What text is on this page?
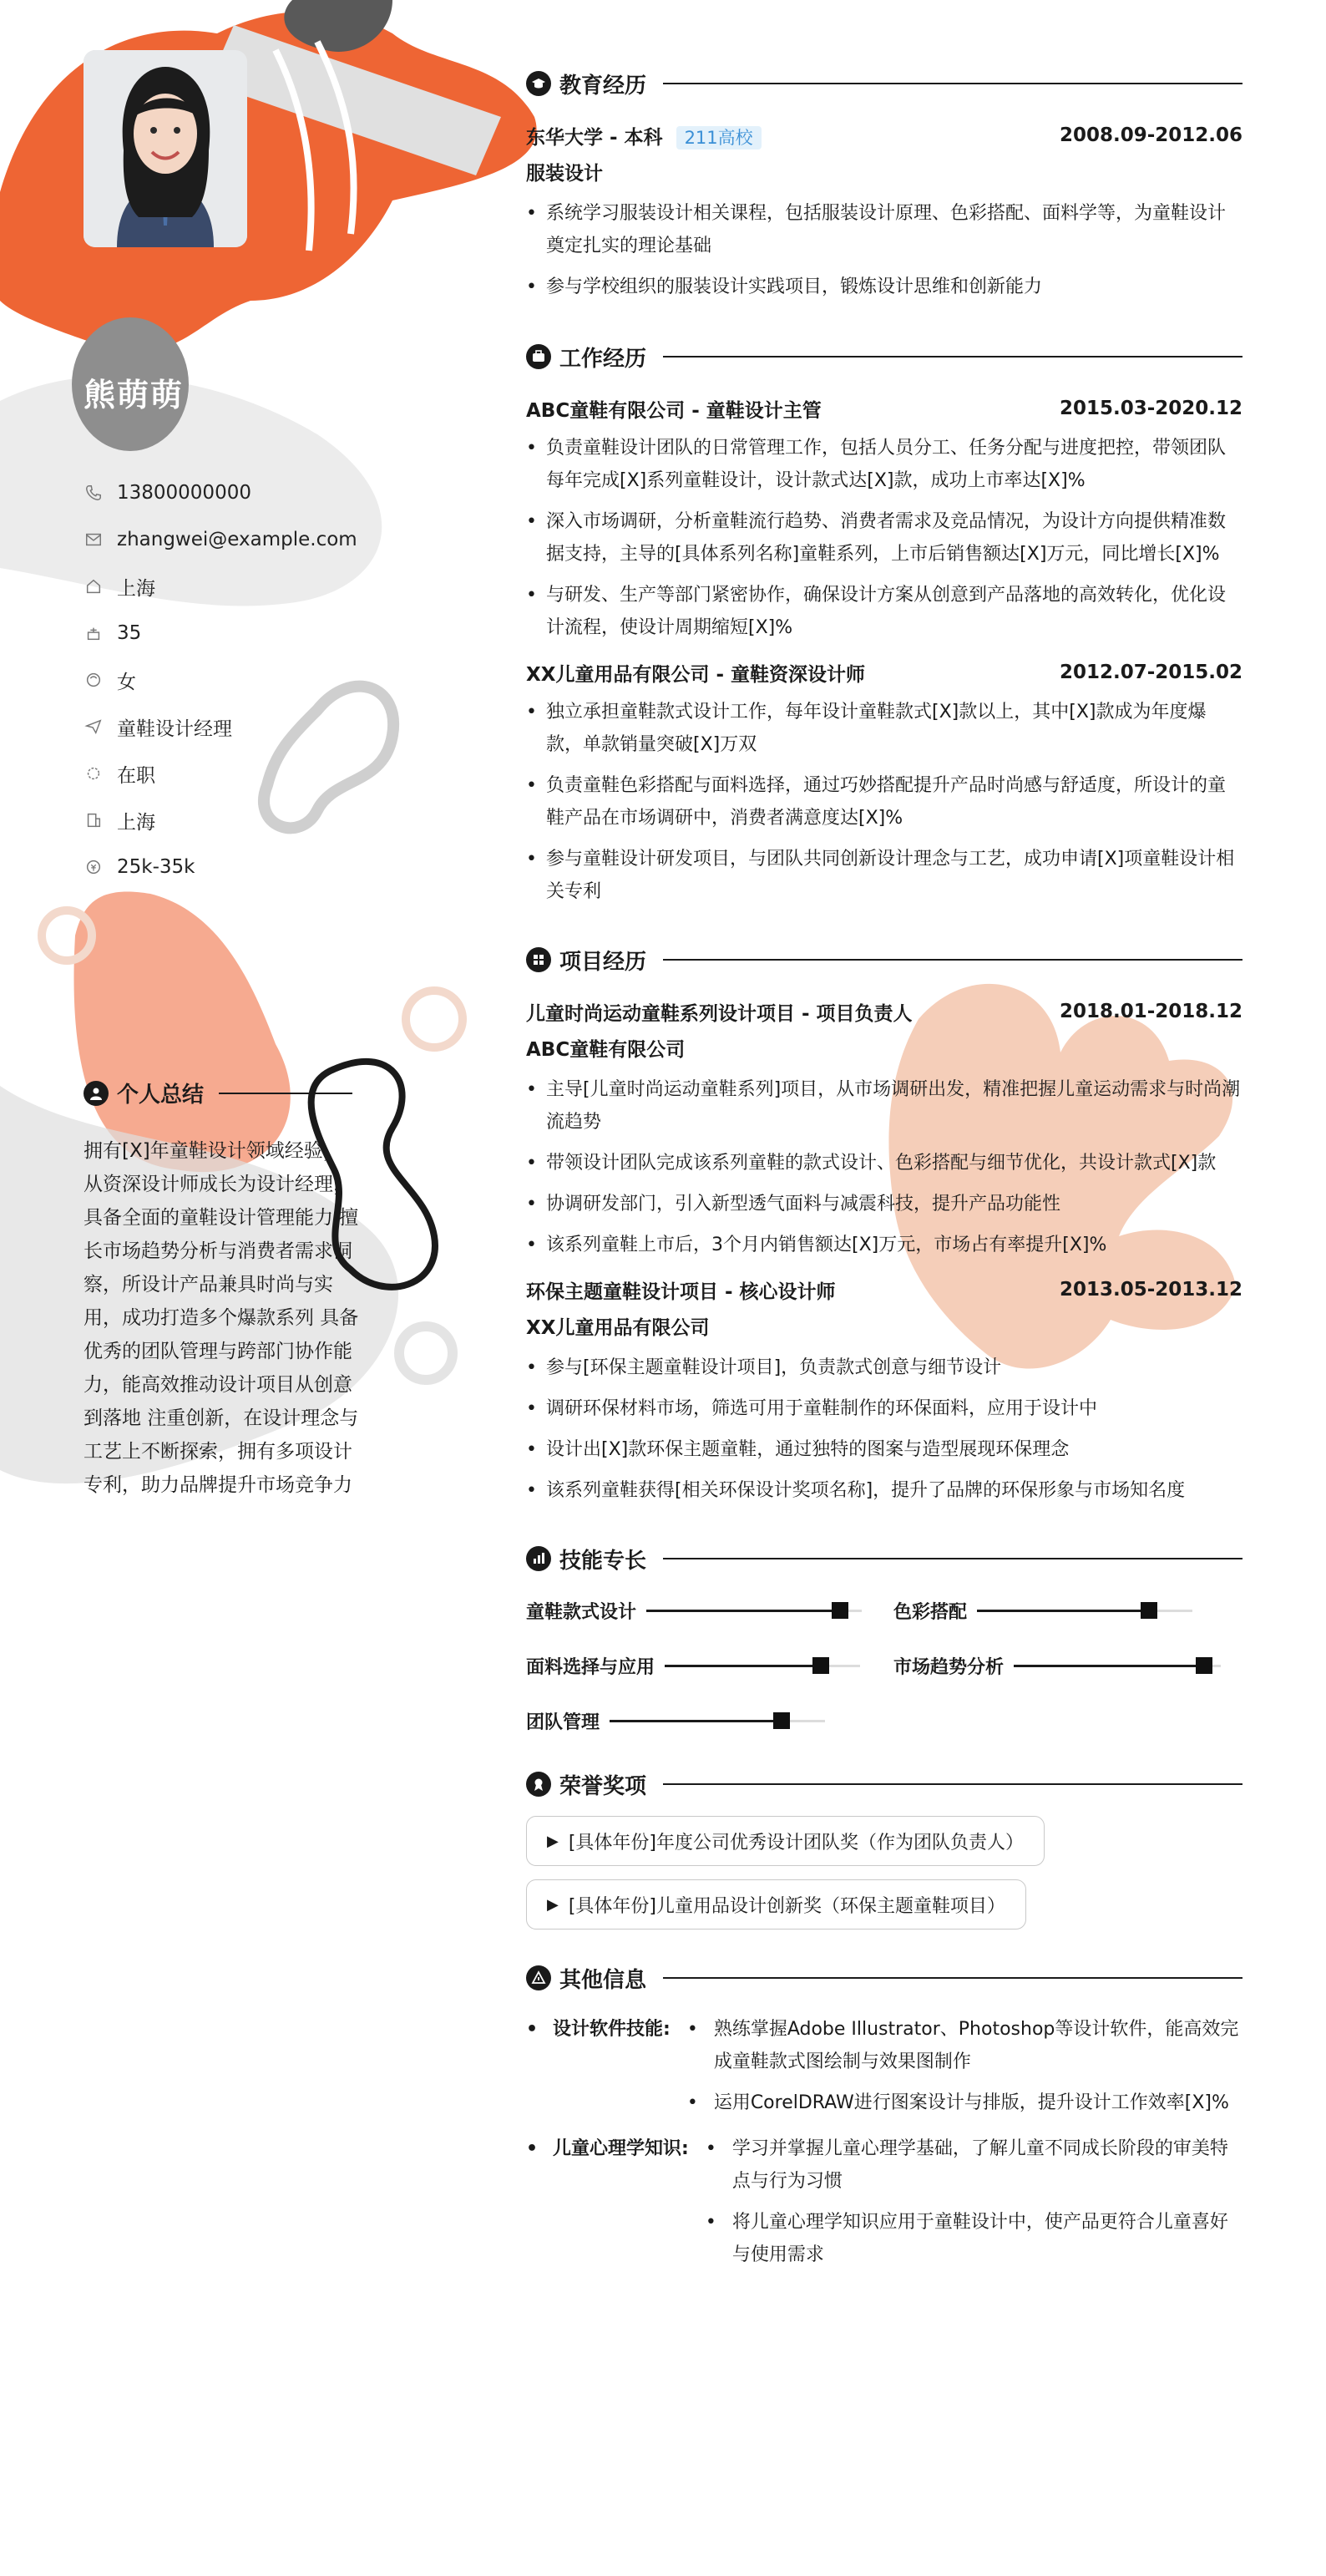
熊萌萌
13800000000
zhangwei@example.com
上海
35
女
童鞋设计经理
在职
上海
25k-35k
个人总结
拥有[X]年童鞋设计领域经验，从资深设计师成长为设计经理，具备全面的童鞋设计管理能力 擅长市场趋势分析与消费者需求洞察，所设计产品兼具时尚与实用，成功打造多个爆款系列 具备优秀的团队管理与跨部门协作能力，能高效推动设计项目从创意到落地 注重创新，在设计理念与工艺上不断探索，拥有多项设计专利，助力品牌提升市场竞争力
教育经历
东华大学 - 本科 211高校	2008.09-2012.06
服装设计
• 系统学习服装设计相关课程，包括服装设计原理、色彩搭配、面料学等，为童鞋设计奠定扎实的理论基础
• 参与学校组织的服装设计实践项目，锻炼设计思维和创新能力
工作经历
ABC童鞋有限公司 - 童鞋设计主管	2015.03-2020.12
• 负责童鞋设计团队的日常管理工作，包括人员分工、任务分配与进度把控，带领团队每年完成[X]系列童鞋设计，设计款式达[X]款，成功上市率达[X]%
• 深入市场调研，分析童鞋流行趋势、消费者需求及竞品情况，为设计方向提供精准数据支持，主导的[具体系列名称]童鞋系列，上市后销售额达[X]万元，同比增长[X]%
• 与研发、生产等部门紧密协作，确保设计方案从创意到产品落地的高效转化，优化设计流程，使设计周期缩短[X]%
XX儿童用品有限公司 - 童鞋资深设计师	2012.07-2015.02
• 独立承担童鞋款式设计工作，每年设计童鞋款式[X]款以上，其中[X]款成为年度爆款，单款销量突破[X]万双
• 负责童鞋色彩搭配与面料选择，通过巧妙搭配提升产品时尚感与舒适度，所设计的童鞋产品在市场调研中，消费者满意度达[X]%
• 参与童鞋设计研发项目，与团队共同创新设计理念与工艺，成功申请[X]项童鞋设计相关专利
项目经历
儿童时尚运动童鞋系列设计项目 - 项目负责人	2018.01-2018.12
ABC童鞋有限公司
• 主导[儿童时尚运动童鞋系列]项目，从市场调研出发，精准把握儿童运动需求与时尚潮流趋势
• 带领设计团队完成该系列童鞋的款式设计、色彩搭配与细节优化，共设计款式[X]款
• 协调研发部门，引入新型透气面料与减震科技，提升产品功能性
• 该系列童鞋上市后，3个月内销售额达[X]万元，市场占有率提升[X]%
环保主题童鞋设计项目 - 核心设计师	2013.05-2013.12
XX儿童用品有限公司
• 参与[环保主题童鞋设计项目]，负责款式创意与细节设计
• 调研环保材料市场，筛选可用于童鞋制作的环保面料，应用于设计中
• 设计出[X]款环保主题童鞋，通过独特的图案与造型展现环保理念
• 该系列童鞋获得[相关环保设计奖项名称]，提升了品牌的环保形象与市场知名度
技能专长
童鞋款式设计	色彩搭配
面料选择与应用	市场趋势分析
团队管理
荣誉奖项
▶ [具体年份]年度公司优秀设计团队奖（作为团队负责人）

▶ [具体年份]儿童用品设计创新奖（环保主题童鞋项目）
其他信息
• 设计软件技能:	• 熟练掌握Adobe Illustrator、Photoshop等设计软件，能高效完成童鞋款式图绘制与效果图制作
• 运用CorelDRAW进行图案设计与排版，提升设计工作效率[X]%
• 儿童心理学知识:	• 学习并掌握儿童心理学基础，了解儿童不同成长阶段的审美特点与行为习惯
• 将儿童心理学知识应用于童鞋设计中，使产品更符合儿童喜好与使用需求
